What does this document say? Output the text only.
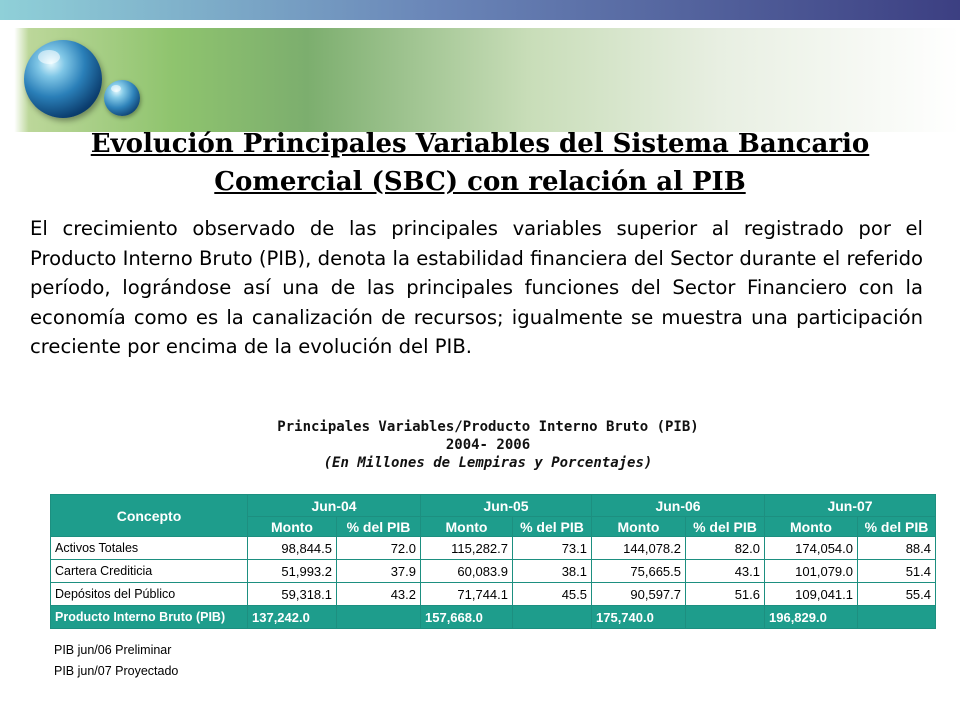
Evolución Principales Variables del Sistema Bancario
Comercial (SBC) con relación al PIB
El crecimiento observado de las principales variables superior al registrado por el Producto Interno Bruto (PIB), denota la estabilidad financiera del Sector durante el referido período, lográndose así una de las principales funciones del Sector Financiero con la economía como es la canalización de recursos; igualmente se muestra una participación creciente por encima de la evolución del PIB.
Principales Variables/Producto Interno Bruto (PIB)
2004- 2006
(En Millones de Lempiras y Porcentajes)
Concepto	Jun-04		Jun-05		Jun-06		Jun-07	
	Monto	% del PIB	Monto	% del PIB	Monto	% del PIB	Monto	% del PIB
Activos Totales	98,844.5	72.0	115,282.7	73.1	144,078.2	82.0	174,054.0	88.4
Cartera Crediticia	51,993.2	37.9	60,083.9	38.1	75,665.5	43.1	101,079.0	51.4
Depósitos del Público	59,318.1	43.2	71,744.1	45.5	90,597.7	51.6	109,041.1	55.4
Producto Interno Bruto (PIB)	137,242.0		157,668.0		175,740.0		196,829.0	
PIB jun/06 Preliminar
PIB jun/07 Proyectado
